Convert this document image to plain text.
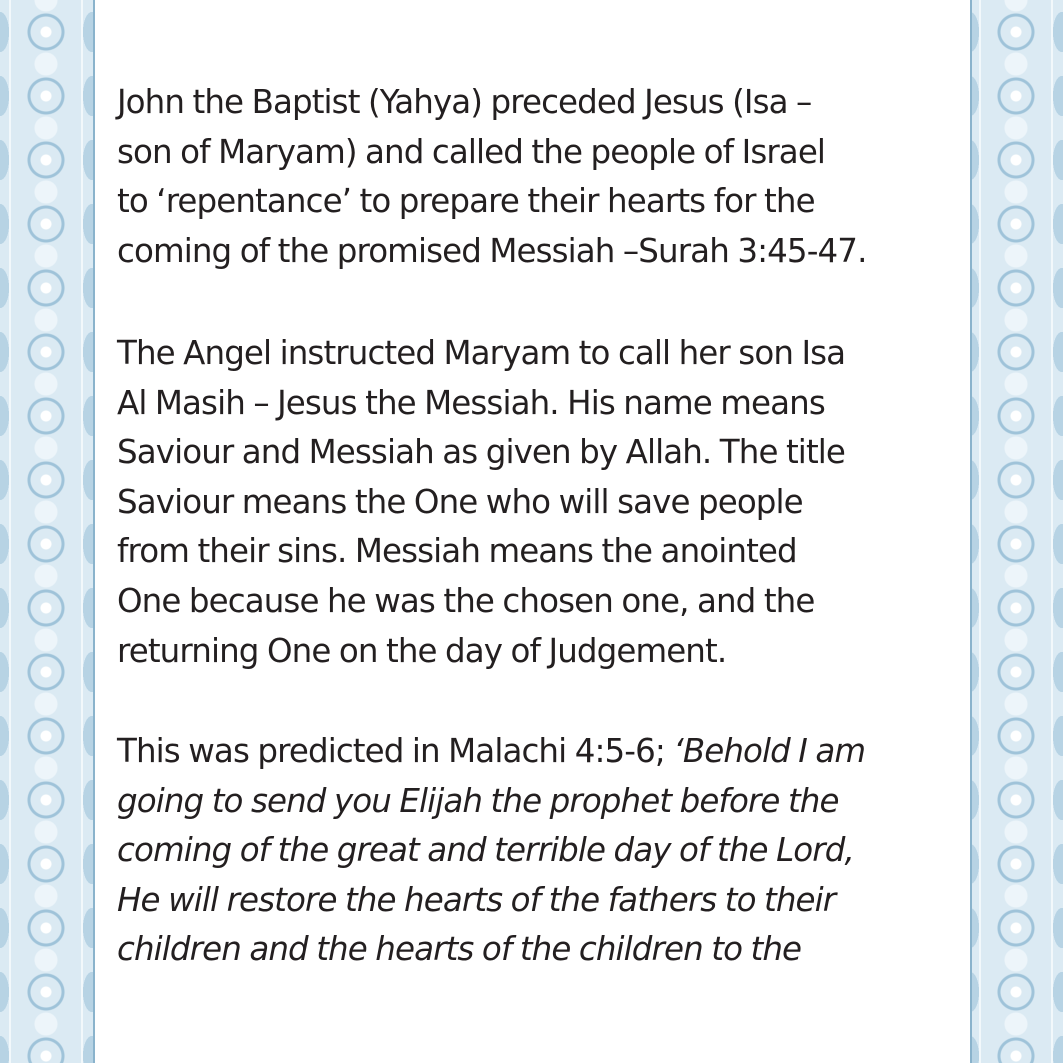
John the Baptist (Yahya) preceded Jesus (Isa –
son of Maryam) and called the people of Israel
to ‘repentance’ to prepare their hearts for the
coming of the promised Messiah –Surah 3:45-47.
The Angel instructed Maryam to call her son Isa
Al Masih – Jesus the Messiah. His name means
Saviour and Messiah as given by Allah. The title
Saviour means the One who will save people
from their sins. Messiah means the anointed
One because he was the chosen one, and the
returning One on the day of Judgement.
This was predicted in Malachi 4:5-6; ‘Behold I am
going to send you Elijah the prophet before the
coming of the great and terrible day of the Lord,
He will restore the hearts of the fathers to their
children and the hearts of the children to the
